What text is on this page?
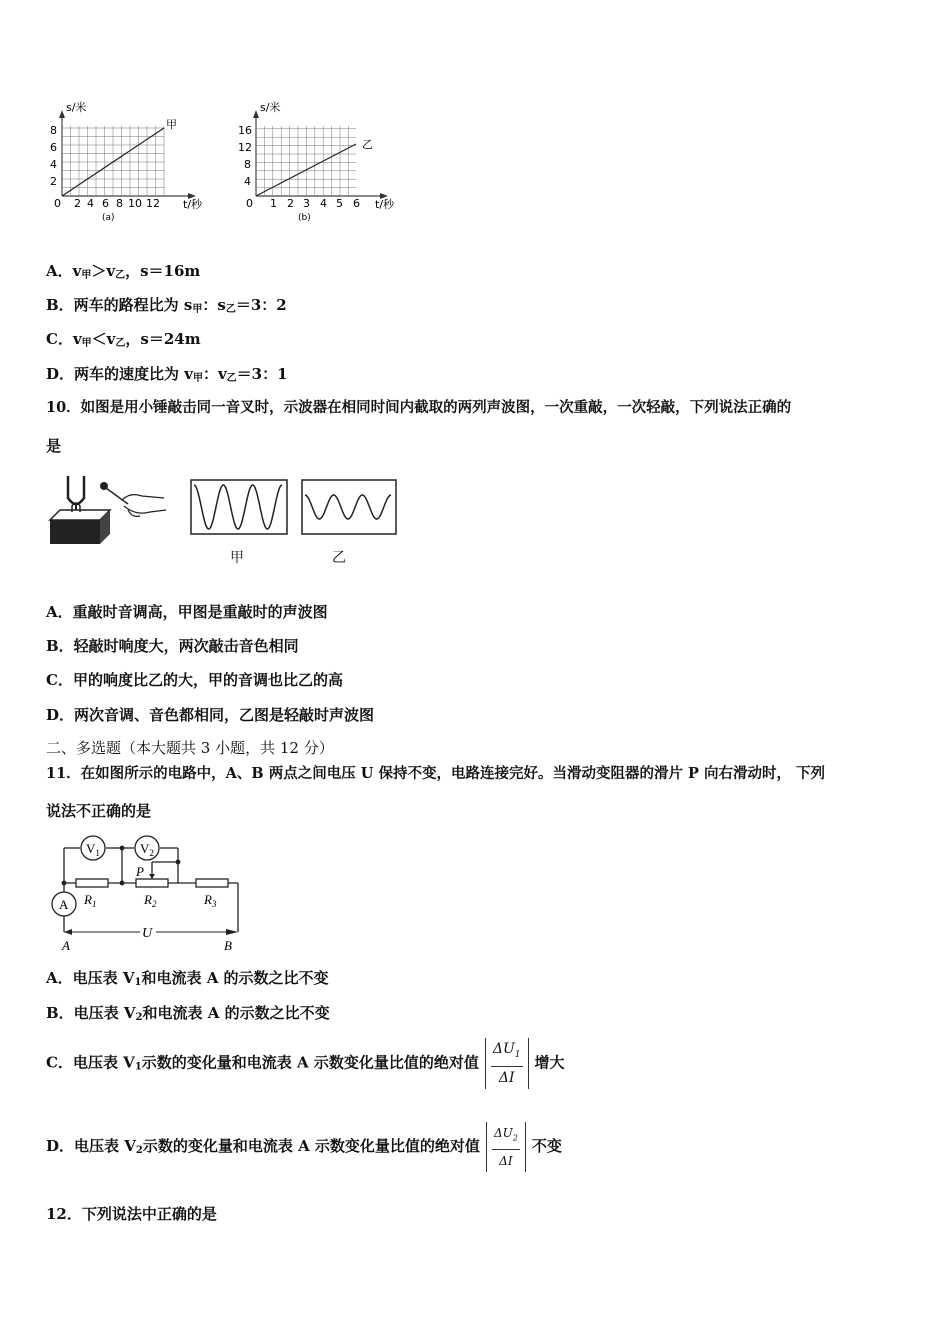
s/米
t/秒
8
6
4
2
0 2 4 6 8 10 12
甲
(a)
s/米
t/秒
16
12
8
4
0 1 2 3 4 5 6
乙
(b)
A．$v_甲>v_乙$，s＝16m
B．两车的路程比为 $s_甲$：$s_乙=3$：2
C．$v_甲<v_乙$，s＝24m
D．两车的速度比为 $v_甲$：$v_乙=3$：1
10．如图是用小锤敲击同一音叉时，示波器在相同时间内截取的两列声波图，一次重敲，一次轻敲，下列说法正确的
是
甲	乙
A．重敲时音调高，甲图是重敲时的声波图
B．轻敲时响度大，两次敲击音色相同
C．甲的响度比乙的大，甲的音调也比乙的高
D．两次音调、音色都相同，乙图是轻敲时声波图
二、多选题（本大题共 3 小题，共 12 分）
11．在如图所示的电路中，A、B 两点之间电压 U 保持不变，电路连接完好。当滑动变阻器的滑片 P 向右滑动时， 下列
说法不正确的是
$V_1$	$V_2$
A
P
$R_1$	$R_2$	$R_3$
U
A	B
A．电压表 $V_1$和电流表 A 的示数之比不变
B．电压表 $V_2$和电流表 A 的示数之比不变
C．电压表 $V_1$示数的变化量和电流表 A 示数变化量比值的绝对值 $\frac{\Delta U_1}{\Delta I}$ 增大
D．电压表 $V_2$示数的变化量和电流表 A 示数变化量比值的绝对值 $\frac{\Delta U_2}{\Delta I}$ 不变
12．下列说法中正确的是
